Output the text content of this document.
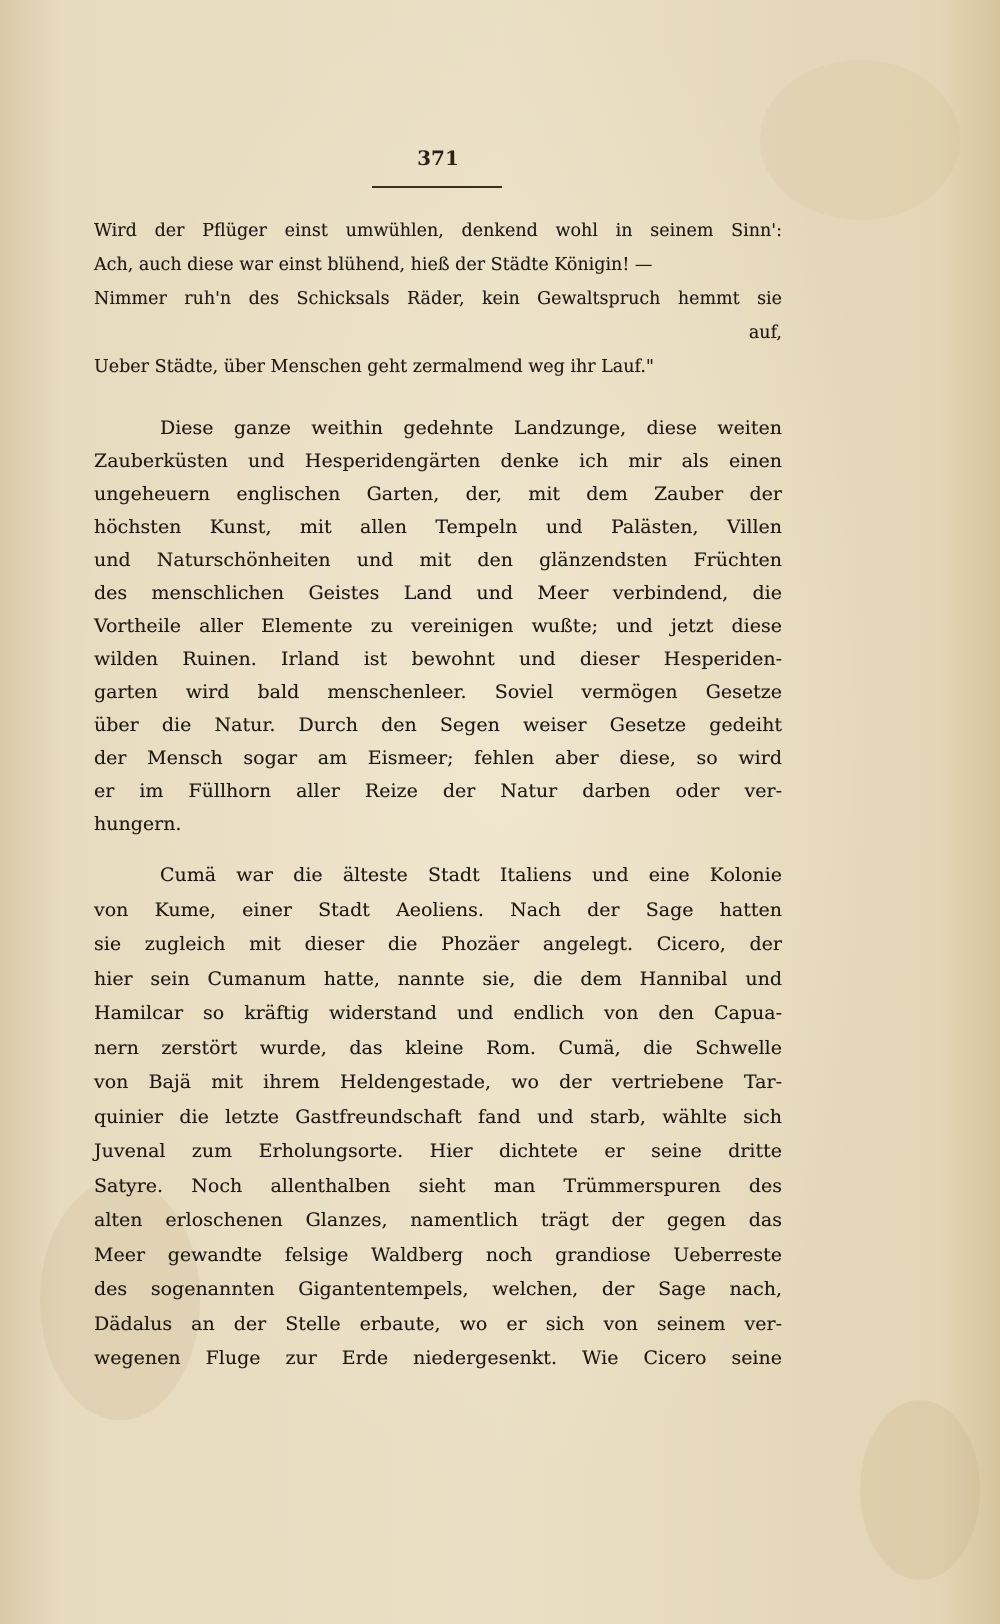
371
Wird der Pflüger einst umwühlen, denkend wohl in seinem Sinn':
Ach, auch diese war einst blühend, hieß der Städte Königin! —
Nimmer ruh'n des Schicksals Räder, kein Gewaltspruch hemmt sie
auf,
Ueber Städte, über Menschen geht zermalmend weg ihr Lauf."
Diese ganze weithin gedehnte Landzunge, diese weiten
Zauberküsten und Hesperidengärten denke ich mir als einen
ungeheuern englischen Garten, der, mit dem Zauber der
höchsten Kunst, mit allen Tempeln und Palästen, Villen
und Naturschönheiten und mit den glänzendsten Früchten
des menschlichen Geistes Land und Meer verbindend, die
Vortheile aller Elemente zu vereinigen wußte; und jetzt diese
wilden Ruinen. Irland ist bewohnt und dieser Hesperiden-
garten wird bald menschenleer. Soviel vermögen Gesetze
über die Natur. Durch den Segen weiser Gesetze gedeiht
der Mensch sogar am Eismeer; fehlen aber diese, so wird
er im Füllhorn aller Reize der Natur darben oder ver-
hungern.
Cumä war die älteste Stadt Italiens und eine Kolonie
von Kume, einer Stadt Aeoliens. Nach der Sage hatten
sie zugleich mit dieser die Phozäer angelegt. Cicero, der
hier sein Cumanum hatte, nannte sie, die dem Hannibal und
Hamilcar so kräftig widerstand und endlich von den Capua-
nern zerstört wurde, das kleine Rom. Cumä, die Schwelle
von Bajä mit ihrem Heldengestade, wo der vertriebene Tar-
quinier die letzte Gastfreundschaft fand und starb, wählte sich
Juvenal zum Erholungsorte. Hier dichtete er seine dritte
Satyre. Noch allenthalben sieht man Trümmerspuren des
alten erloschenen Glanzes, namentlich trägt der gegen das
Meer gewandte felsige Waldberg noch grandiose Ueberreste
des sogenannten Gigantentempels, welchen, der Sage nach,
Dädalus an der Stelle erbaute, wo er sich von seinem ver-
wegenen Fluge zur Erde niedergesenkt. Wie Cicero seine
